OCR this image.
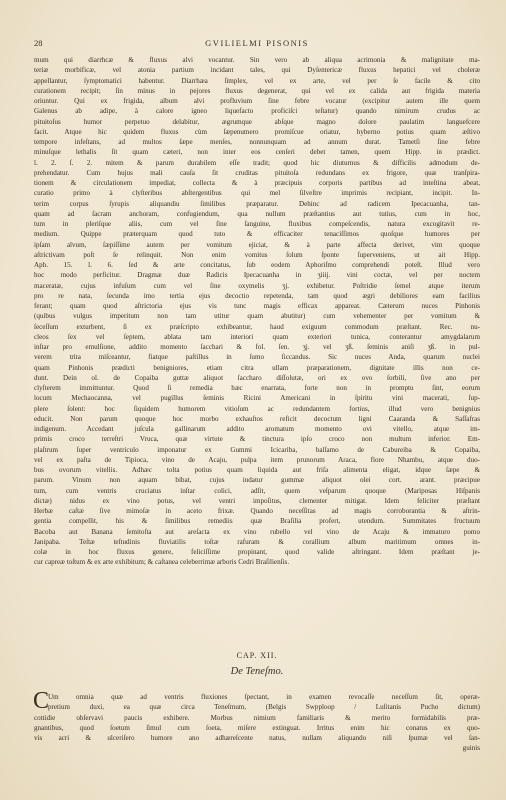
28	GVILIELMI PISONIS
mum qui diarrhcæ & fluxus alvi vocantur. Sin vero ab aliqua acrimonia & malignitate ma-
teriæ morbificæ, vel atonia partium incidant tales, qui Dyſentericæ fluxus hepatici vel choleræ
appellantur, ſymptomatici habentur. Diarrhæa ſimplex, vel ex arte, vel per ſe facile & cito
curationem recipit; ſin minus in pejores fluxus degenerat, qui vel ex calida aut frigida materia
oriuntur. Qui ex frigida, album alvi profluvium ſine febre vocatur (excipitur autem ille quem
Galenus ab adipe, à calore igneo liquefacto proficiſci teſtatur) quando nimirum crudus ac
pituitoſus humor perpetuo delabitur, ægrumque abſque magno dolore paulatim languefcere
facit. Atque hic quidem fluxus cùm ſæpenumero promiſcue oriatur, hyberno potius quam æſtivo
tempore infeſtans, ad multos ſæpe menſes, nonnunquam ad annum durat. Tametſi ſine febre
minuſque lethalis ſit quam cæteri, non inter eos cenſeri debet tamen, quem Hipp. in prædict.
l. 2. ſ. 2. mitem & parum durabilem eſſe tradit; quod hic diuturnus & difficilis admodum de-
prehendatur. Cum hujus mali cauſa ſit cruditas pituitoſa redundans ex frigore, quæ tranſpira-
tionem & circulationem impediat, collecta & à præcipuis corporis partibus ad inteſtina abeat,
curatio primo à clyſteribus abſtergentibus qui mel ſilveſtre imprimis recipiant, incipit. In-
terim corpus ſyrupis aliquandiu ſimilibus præparatur. Dehinc ad radicem Ipecacuanha, tan-
quam ad ſacram anchoram, confugiendum, qua nullum præſtantius aut tutius, cum in hoc,
tum in pleriſque aliis, cum vel ſine ſanguine, fluxibus compeſcendis, natura excogitavit re-
medium. Quippe præterquam quod tuto & efficaciter tenaciſſimos quoſque humores per
ipſam alvum, ſæpiſſime autem per vomitum ejiciat, & à parte affecta derivet, vim quoque
aſtrictivam poſt ſe relinquit. Non enim vomitus ſolum ſponte ſuperveniens, ut ait Hipp.
Aph. 15. l. 6. ſed & arte concitatus, ſub eodem Aphoriſmo comprehendi poteſt. Illud vero
hoc modo perficitur. Dragmæ duæ Radicis Ipecacuanha in ʒiiij. vini coctæ, vel per noctem
maceratæ, cujus infuſum cum vel ſine oxymelis ʒj. exhibetur. Poſtridie ſemel atque iterum
pro re nata, ſecunda imo tertia ejus decoctio repetenda, tam quod ægri debiliores eam facilius
ferant; quam quod aſtrictoria ejus vis tunc magis efficax appareat. Cæterum nuces Pinhonis
(quibus vulgus imperitum non tam utitur quam abutitur) cum vehementer per vomitum &
ſeceſſum exturbent, ſi ex præſcripto exhibeantur, haud exiguum commodum præſtant. Rec. nu-
cleos ſex vel ſeptem, ablata tam interiori quam exteriori tunica, conterantur amygdalarum
inſtar pro emulſione, addito momento ſacchari & fol. ſen. ʒj. vel ʒß. ſeminis aniſi ʒß. in pul-
verem trita miſceantur, fiatque paſtillus in ſumo ſiccandus. Sic nuces Anda, quarum nuclei
quam Pinhonis prædicti benigniores, etiam citra ullam præparationem, dignitate illis non ce-
dunt. Dein ol. de Copaiba guttæ aliquot ſaccharo diſſolutæ, ori ex ovo ſorbili, ſive ano per
clyſterem immittuntur. Quod ſi remedia hæc enarrata, forte non in promptu ſint, eorum
locum Mechaocanna, vel pugillus ſeminis Ricini Americani in ſpiritu vini macerati, ſup-
plere ſolent: hoc ſiquidem humorem vitioſum ac redundantem fortius, illud vero benignius
educit. Non parum quoque hoc morbo exhauſtos reficit decoctum ligni Caaranda & Saſſafras
indigenum. Accedant juſcula gallinarum addito aromatum momento ovi vitello, atque im-
primis croco terreſtri Vruca, quæ virtute & tinctura ipſo croco non multum inferior. Em-
plaſtrum ſuper ventriculo imponatur ex Gummi Icicariba, balſamo de Cabureiba & Copaiba,
vel ex paſta de Tipioca, vino de Acaju, pulpa item prunorum Araca, flore Nhambu, atque duo-
bus ovorum vitellis. Adhæc tolta potius quam liquida aut friſa alimenta eligat, idque ſæpe &
parum. Vinum non aquam bibat, cujus indatur gummæ aliquot olei cort. arant. præcipue
tum, cum ventris cruciatus inſtar colici, adſit, quem veſparum quoque (Mariposas Hiſpanis
dictæ) nidus ex vino potus, vel ventri impoſitus, clementer mitigat. Idem feliciter præſtant
Herbæ caſtæ ſive mimoſæ in aceto frixæ. Quando neceſſitas ad magis corroborantia & aſtrin-
gentia compellit, his & ſimilibus remediis quæ Braſilia profert, utendum. Summitates fructuum
Bacoba aut Banana ſemitoſta aut areſacta ex vino rubello vel vino de Acaju & immaturo pomo
Janipaba. Teſtæ teſtudinis fluviatilis toſtæ rafuram & corallium album maritimum omnes in-
colæ in hoc fluxus genere, feliciſſime propinant, quod valide aſtringant. Idem præſtant je-
cur capreæ toſtum & ex arte exhibitum; & caſtanea celeberrimæ arboris Cedri Braſilienſis.
CAP. XII.
De Teneſmo.
C
Um omnia quæ ad ventris fluxiones ſpectant, in examen revocaſſe neceſſum ſit, operæ-
pretium duxi, ea quæ circa Teneſmum, (Belgis Swpploop / Luſitanis Pucho dictum)
cottidie obſervavi paucis exhibere. Morbus nimium familiaris & merito formidabilis præ-
gnantibus, quod ſoetum ſimul cum ſoeta, miſere extinguat. Irritus enim hic conatus ex quo-
vis acri & ulceriſero humore ano adhæreſcente natus, nullam aliquando niſi ſpumæ vel ſan-
guinis
